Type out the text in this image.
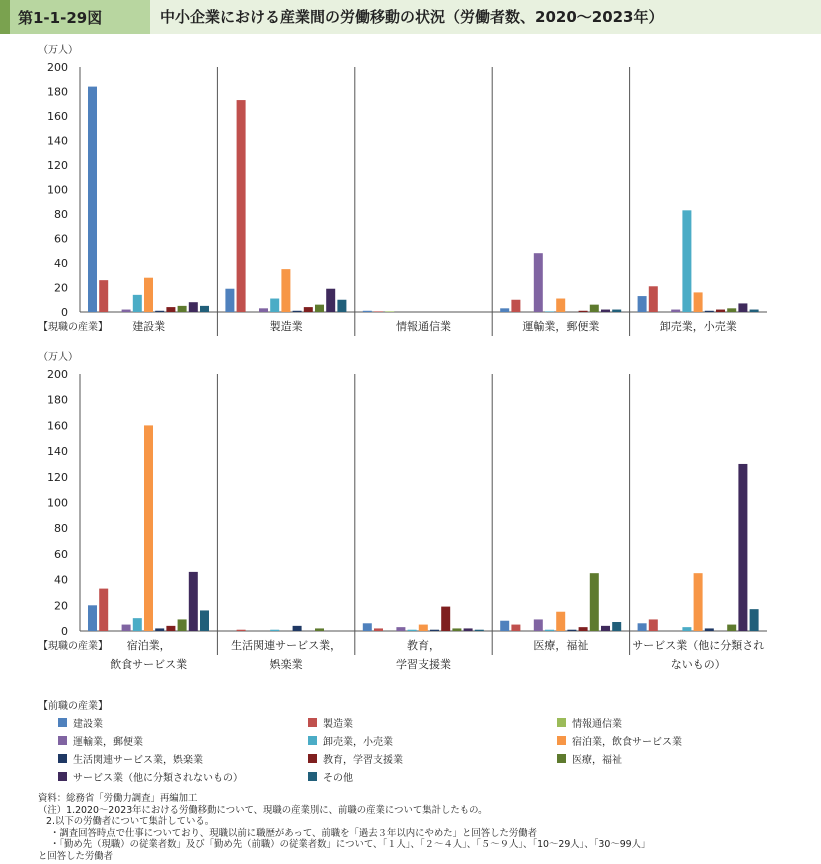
第1-1-29図	中小企業における産業間の労働移動の状況（労働者数、2020～2023年）
（万人）
0
20
40
60
80
100
120
140
160
180
200
【現職の産業】 建設業	製造業	情報通信業	運輸業，郵便業	卸売業，小売業
（万人）
0
20
40
60
80
100
120
140
160
180
200
【現職の産業】 宿泊業，
飲食サービス業
生活関連サービス業，
娯楽業
教育，
学習支援業
医療，福祉	サービス業（他に分類され
ないもの）
【前職の産業】
建設業	製造業	情報通信業
運輸業，郵便業	卸売業，小売業	宿泊業，飲食サービス業
生活関連サービス業，娯楽業	教育，学習支援業	医療，福祉
サービス業（他に分類されないもの）	その他
資料：総務省「労働力調査」再編加工
（注）1.2020～2023年における労働移動について、現職の産業別に、前職の産業について集計したもの。
2.以下の労働者について集計している。
・調査回答時点で仕事についており、現職以前に職歴があって、前職を「過去３年以内にやめた」と回答した労働者
・「勤め先（現職）の従業者数」及び「勤め先（前職）の従業者数」について、「１人」、「２～４人」、「５～９人」、「10～29人」、「30～99人」
と回答した労働者
